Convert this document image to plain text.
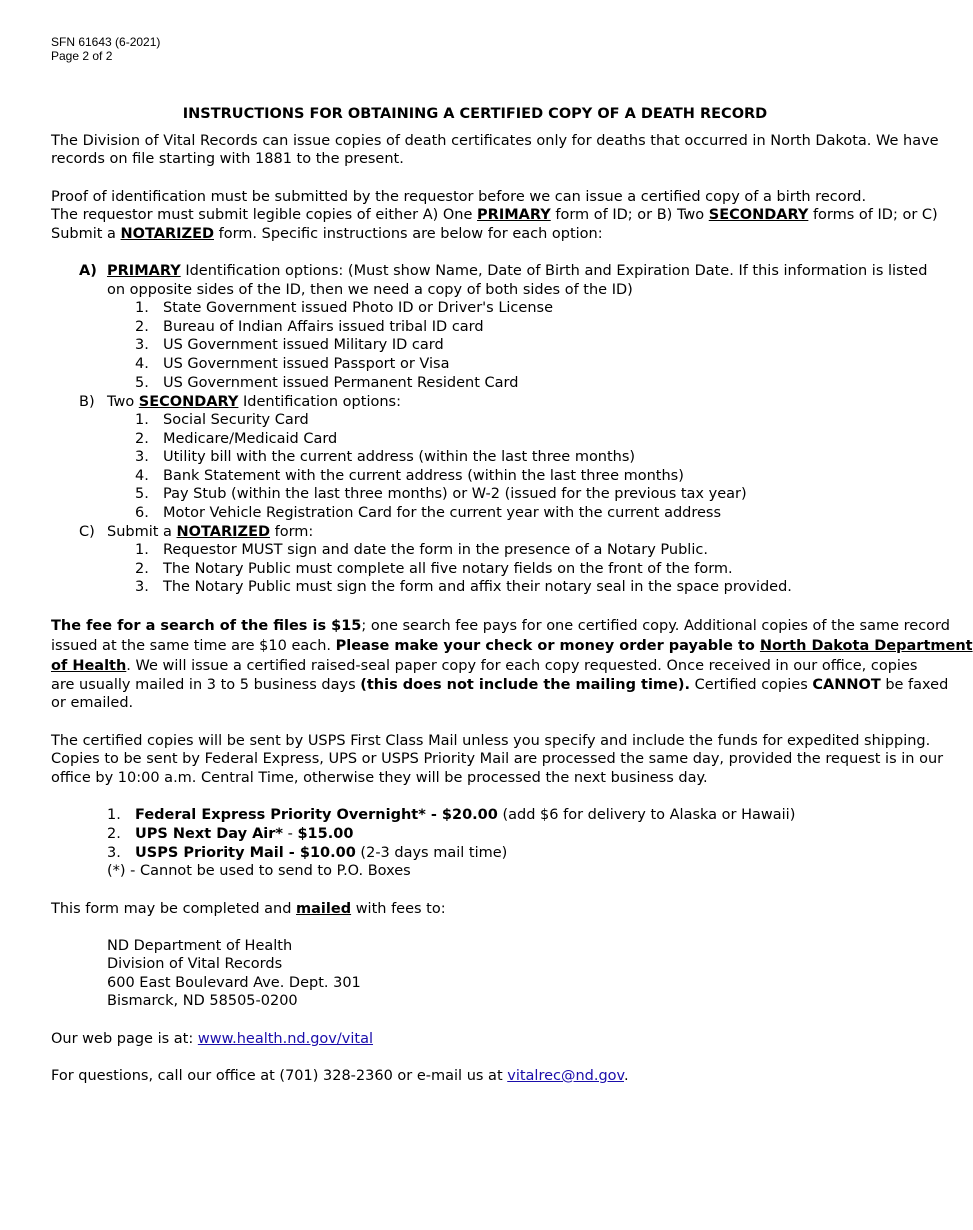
SFN 61643 (6-2021)
Page 2 of 2
INSTRUCTIONS FOR OBTAINING A CERTIFIED COPY OF A DEATH RECORD
The Division of Vital Records can issue copies of death certificates only for deaths that occurred in North Dakota. We have
records on file starting with 1881 to the present.
Proof of identification must be submitted by the requestor before we can issue a certified copy of a birth record.
The requestor must submit legible copies of either A) One PRIMARY form of ID; or B) Two SECONDARY forms of ID; or C)
Submit a NOTARIZED form. Specific instructions are below for each option:
A) PRIMARY Identification options: (Must show Name, Date of Birth and Expiration Date. If this information is listed
on opposite sides of the ID, then we need a copy of both sides of the ID)
1. State Government issued Photo ID or Driver's License
2. Bureau of Indian Affairs issued tribal ID card
3. US Government issued Military ID card
4. US Government issued Passport or Visa
5. US Government issued Permanent Resident Card
B) Two SECONDARY Identification options:
1. Social Security Card
2. Medicare/Medicaid Card
3. Utility bill with the current address (within the last three months)
4. Bank Statement with the current address (within the last three months)
5. Pay Stub (within the last three months) or W-2 (issued for the previous tax year)
6. Motor Vehicle Registration Card for the current year with the current address
C) Submit a NOTARIZED form:
1. Requestor MUST sign and date the form in the presence of a Notary Public.
2. The Notary Public must complete all five notary fields on the front of the form.
3. The Notary Public must sign the form and affix their notary seal in the space provided.
The fee for a search of the files is $15; one search fee pays for one certified copy. Additional copies of the same record
issued at the same time are $10 each. Please make your check or money order payable to North Dakota Department
of Health. We will issue a certified raised-seal paper copy for each copy requested. Once received in our office, copies
are usually mailed in 3 to 5 business days (this does not include the mailing time). Certified copies CANNOT be faxed
or emailed.
The certified copies will be sent by USPS First Class Mail unless you specify and include the funds for expedited shipping.
Copies to be sent by Federal Express, UPS or USPS Priority Mail are processed the same day, provided the request is in our
office by 10:00 a.m. Central Time, otherwise they will be processed the next business day.
1. Federal Express Priority Overnight* - $20.00 (add $6 for delivery to Alaska or Hawaii)
2. UPS Next Day Air* - $15.00
3. USPS Priority Mail - $10.00 (2-3 days mail time)
(*) - Cannot be used to send to P.O. Boxes
This form may be completed and mailed with fees to:
ND Department of Health
Division of Vital Records
600 East Boulevard Ave. Dept. 301
Bismarck, ND 58505-0200
Our web page is at: www.health.nd.gov/vital
For questions, call our office at (701) 328-2360 or e-mail us at vitalrec@nd.gov.
